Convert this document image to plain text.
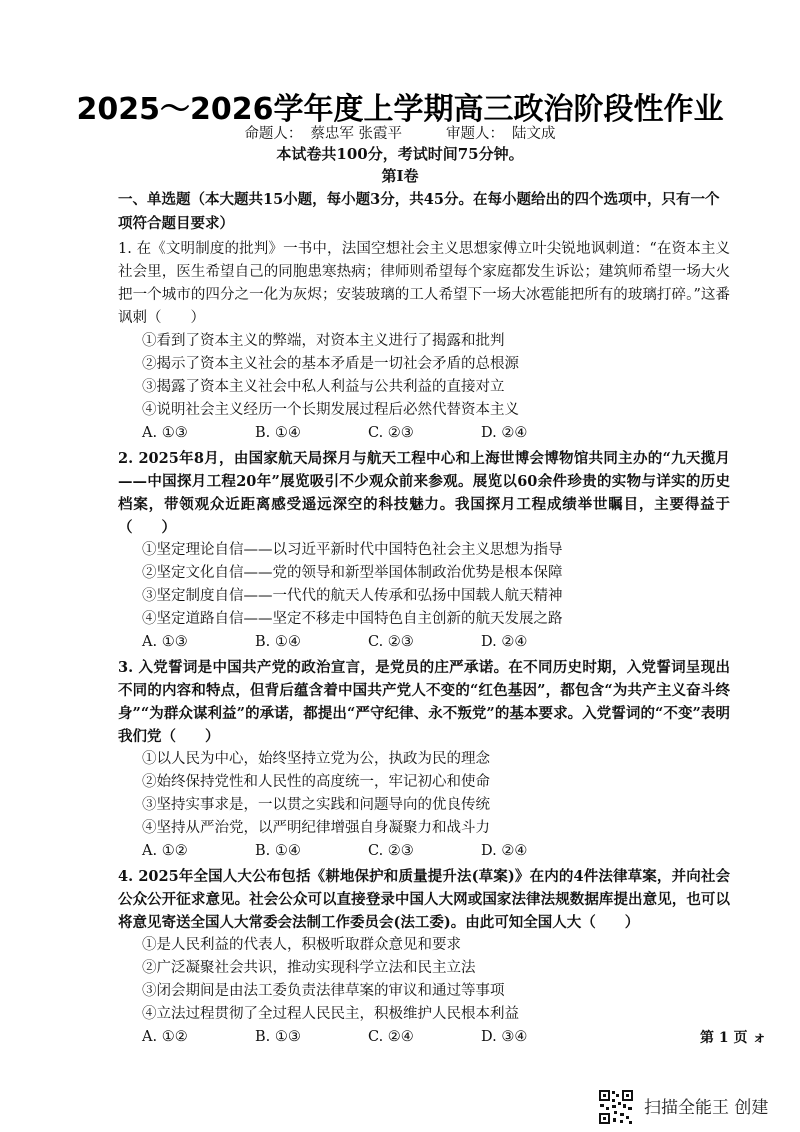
2025～2026学年度上学期高三政治阶段性作业
命题人： 蔡忠军 张霞平	审题人： 陆文成
本试卷共100分，考试时间75分钟。
第Ⅰ卷

一、单选题（本大题共15小题，每小题3分，共45分。在每小题给出的四个选项中，只有一个项符合题目要求）

1. 在《文明制度的批判》一书中，法国空想社会主义思想家傅立叶尖锐地讽刺道：“在资本主义社会里，医生希望自己的同胞患寒热病；律师则希望每个家庭都发生诉讼；建筑师希望一场大火把一个城市的四分之一化为灰烬；安装玻璃的工人希望下一场大冰雹能把所有的玻璃打碎。”这番讽刺（　　）

①看到了资本主义的弊端，对资本主义进行了揭露和批判

②揭示了资本主义社会的基本矛盾是一切社会矛盾的总根源

③揭露了资本主义社会中私人利益与公共利益的直接对立

④说明社会主义经历一个长期发展过程后必然代替资本主义

A. ①③	B. ①④	C. ②③	D. ②④

2. 2025年8月，由国家航天局探月与航天工程中心和上海世博会博物馆共同主办的“九天揽月——中国探月工程20年”展览吸引不少观众前来参观。展览以60余件珍贵的实物与详实的历史档案，带领观众近距离感受遥远深空的科技魅力。我国探月工程成绩举世瞩目，主要得益于（　　）

①坚定理论自信——以习近平新时代中国特色社会主义思想为指导

②坚定文化自信——党的领导和新型举国体制政治优势是根本保障

③坚定制度自信——一代代的航天人传承和弘扬中国载人航天精神

④坚定道路自信——坚定不移走中国特色自主创新的航天发展之路

A. ①③	B. ①④	C. ②③	D. ②④

3. 入党誓词是中国共产党的政治宣言，是党员的庄严承诺。在不同历史时期，入党誓词呈现出不同的内容和特点，但背后蕴含着中国共产党人不变的“红色基因”，都包含“为共产主义奋斗终身”“为群众谋利益”的承诺，都提出“严守纪律、永不叛党”的基本要求。入党誓词的“不变”表明我们党（　　）

①以人民为中心，始终坚持立党为公，执政为民的理念

②始终保持党性和人民性的高度统一，牢记初心和使命

③坚持实事求是，一以贯之实践和问题导向的优良传统

④坚持从严治党，以严明纪律增强自身凝聚力和战斗力

A. ①②	B. ①④	C. ②③	D. ②④

4. 2025年全国人大公布包括《耕地保护和质量提升法(草案)》在内的4件法律草案，并向社会公众公开征求意见。社会公众可以直接登录中国人大网或国家法律法规数据库提出意见，也可以将意见寄送全国人大常委会法制工作委员会(法工委)。由此可知全国人大（　　）

①是人民利益的代表人，积极听取群众意见和要求

②广泛凝聚社会共识，推动实现科学立法和民主立法

③闭会期间是由法工委负责法律草案的审议和通过等事项

④立法过程贯彻了全过程人民民主，积极维护人民根本利益

A. ①②	B. ①③	C. ②④	D. ③④	第 1 页 ォ
扫描全能王 创建
